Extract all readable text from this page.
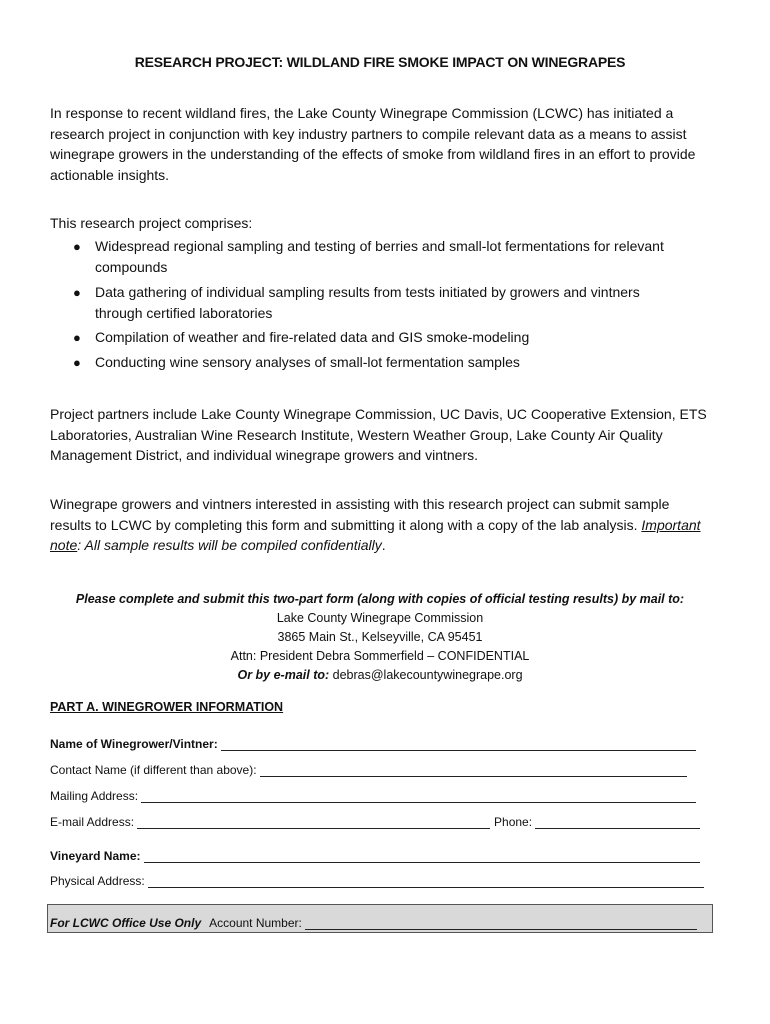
RESEARCH PROJECT: WILDLAND FIRE SMOKE IMPACT ON WINEGRAPES
In response to recent wildland fires, the Lake County Winegrape Commission (LCWC) has initiated a research project in conjunction with key industry partners to compile relevant data as a means to assist winegrape growers in the understanding of the effects of smoke from wildland fires in an effort to provide actionable insights.
This research project comprises:
● Widespread regional sampling and testing of berries and small-lot fermentations for relevant compounds
● Data gathering of individual sampling results from tests initiated by growers and vintners through certified laboratories
● Compilation of weather and fire-related data and GIS smoke-modeling
● Conducting wine sensory analyses of small-lot fermentation samples
Project partners include Lake County Winegrape Commission, UC Davis, UC Cooperative Extension, ETS Laboratories, Australian Wine Research Institute, Western Weather Group, Lake County Air Quality Management District, and individual winegrape growers and vintners.
Winegrape growers and vintners interested in assisting with this research project can submit sample results to LCWC by completing this form and submitting it along with a copy of the lab analysis. Important note: All sample results will be compiled confidentially.
Please complete and submit this two-part form (along with copies of official testing results) by mail to:
Lake County Winegrape Commission
3865 Main St., Kelseyville, CA 95451
Attn: President Debra Sommerfield – CONFIDENTIAL
Or by e-mail to: debras@lakecountywinegrape.org
PART A. WINEGROWER INFORMATION
Name of Winegrower/Vintner:
Contact Name (if different than above):
Mailing Address:
E-mail Address:	Phone:
Vineyard Name:
Physical Address:
For LCWC Office Use Only Account Number:
